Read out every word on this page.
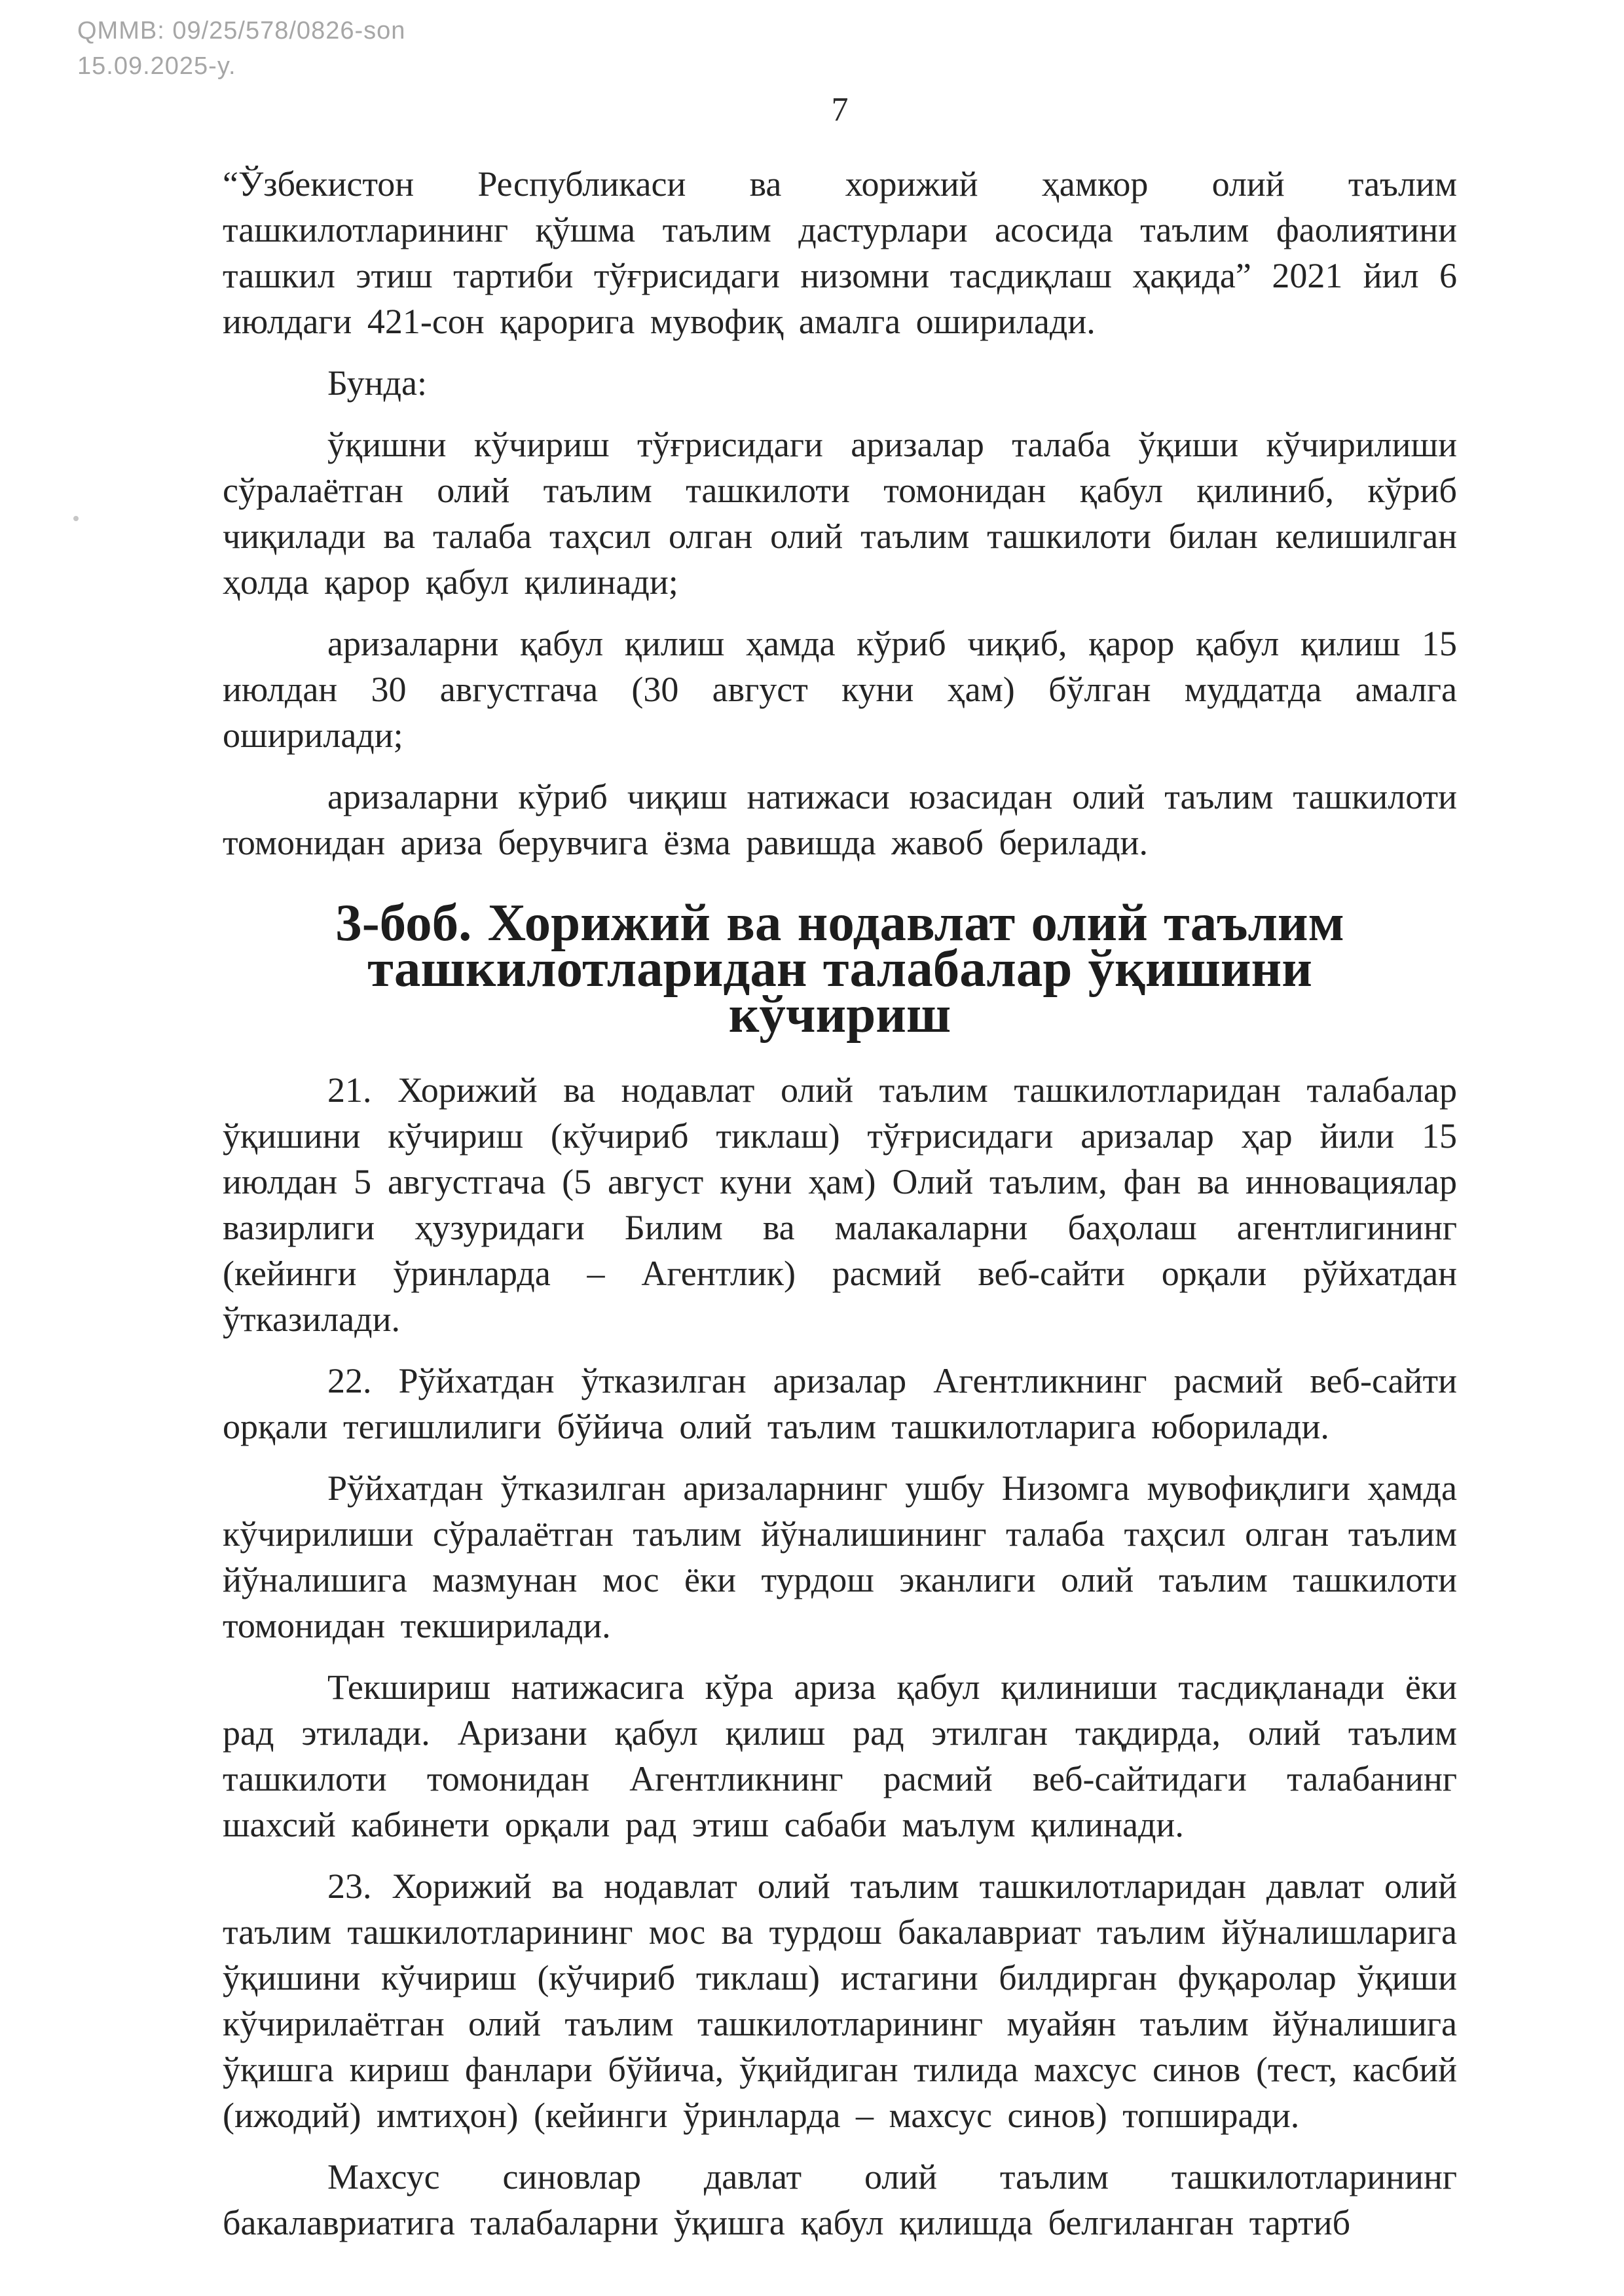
QMMB: 09/25/578/0826-son
15.09.2025-y.
7

“Ўзбекистон Республикаси ва хорижий ҳамкор олий таълим ташкилотларининг қўшма таълим дастурлари асосида таълим фаолиятини ташкил этиш тартиби тўғрисидаги низомни тасдиқлаш ҳақида” 2021 йил 6 июлдаги 421-сон қарорига мувофиқ амалга оширилади.

Бунда:

ўқишни кўчириш тўғрисидаги аризалар талаба ўқиши кўчирилиши сўралаётган олий таълим ташкилоти томонидан қабул қилиниб, кўриб чиқилади ва талаба таҳсил олган олий таълим ташкилоти билан келишилган ҳолда қарор қабул қилинади;

аризаларни қабул қилиш ҳамда кўриб чиқиб, қарор қабул қилиш 15 июлдан 30 августгача (30 август куни ҳам) бўлган муддатда амалга оширилади;

аризаларни кўриб чиқиш натижаси юзасидан олий таълим ташкилоти томонидан ариза берувчига ёзма равишда жавоб берилади.

3-боб. Хорижий ва нодавлат олий таълим ташкилотларидан талабалар ўқишини кўчириш

21. Хорижий ва нодавлат олий таълим ташкилотларидан талабалар ўқишини кўчириш (кўчириб тиклаш) тўғрисидаги аризалар ҳар йили 15 июлдан 5 августгача (5 август куни ҳам) Олий таълим, фан ва инновациялар вазирлиги ҳузуридаги Билим ва малакаларни баҳолаш агентлигининг (кейинги ўринларда – Агентлик) расмий веб-сайти орқали рўйхатдан ўтказилади.

22. Рўйхатдан ўтказилган аризалар Агентликнинг расмий веб-сайти орқали тегишлилиги бўйича олий таълим ташкилотларига юборилади.

Рўйхатдан ўтказилган аризаларнинг ушбу Низомга мувофиқлиги ҳамда кўчирилиши сўралаётган таълим йўналишининг талаба таҳсил олган таълим йўналишига мазмунан мос ёки турдош эканлиги олий таълим ташкилоти томонидан текширилади.

Текшириш натижасига кўра ариза қабул қилиниши тасдиқланади ёки рад этилади. Аризани қабул қилиш рад этилган тақдирда, олий таълим ташкилоти томонидан Агентликнинг расмий веб-сайтидаги талабанинг шахсий кабинети орқали рад этиш сабаби маълум қилинади.

23. Хорижий ва нодавлат олий таълим ташкилотларидан давлат олий таълим ташкилотларининг мос ва турдош бакалавриат таълим йўналишларига ўқишини кўчириш (кўчириб тиклаш) истагини билдирган фуқаролар ўқиши кўчирилаётган олий таълим ташкилотларининг муайян таълим йўналишига ўқишга кириш фанлари бўйича, ўқийдиган тилида махсус синов (тест, касбий (ижодий) имтиҳон) (кейинги ўринларда – махсус синов) топширади.

Махсус синовлар давлат олий таълим ташкилотларининг бакалавриатига талабаларни ўқишга қабул қилишда белгиланган тартиб
